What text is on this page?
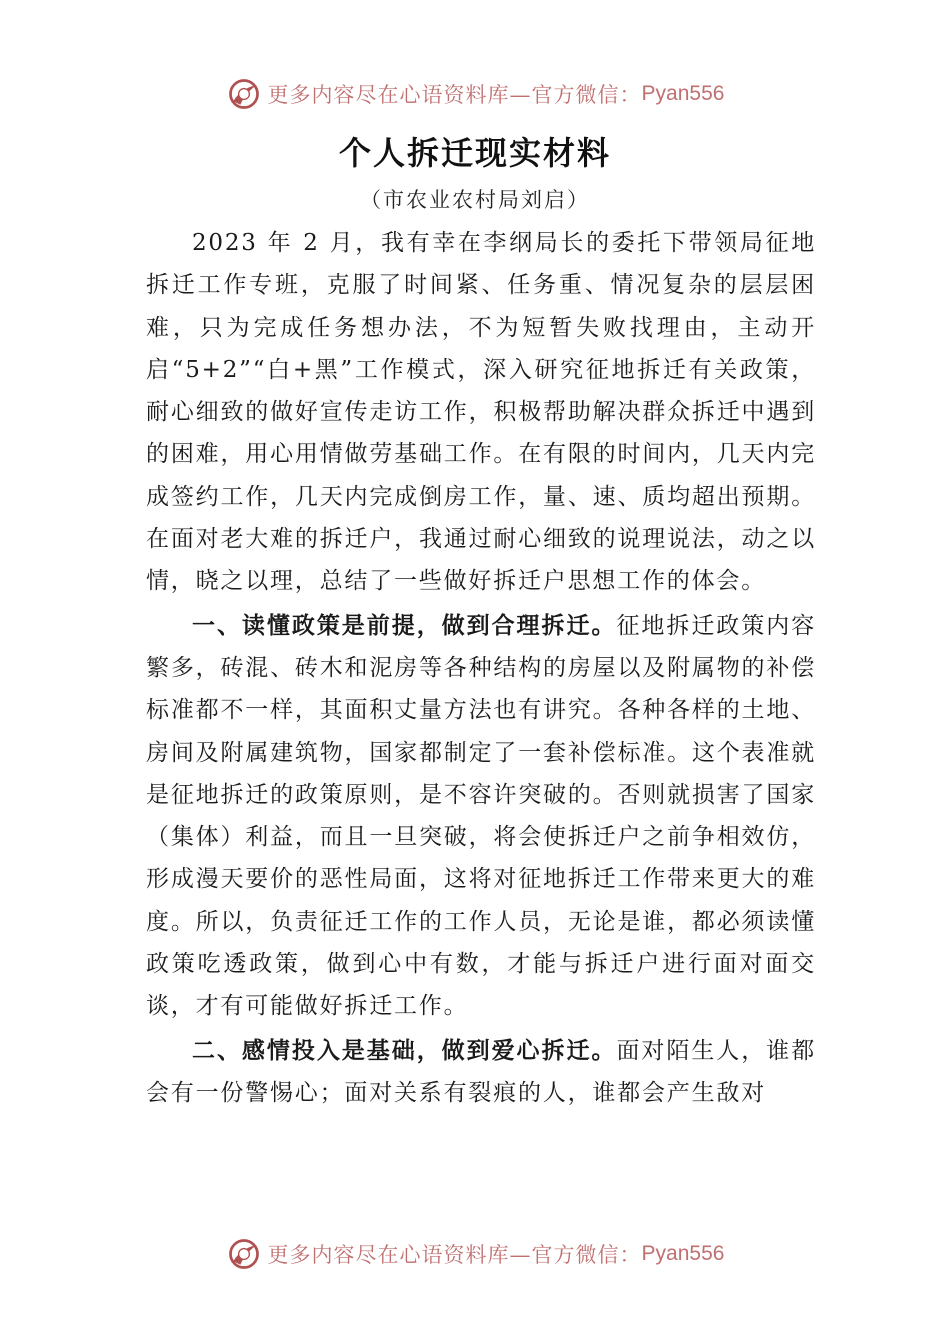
更多内容尽在心语资料库—官方微信： Pyan556
个人拆迁现实材料
（市农业农村局刘启）

2023 年 2 月，我有幸在李纲局长的委托下带领局征地拆迁工作专班，克服了时间紧、任务重、情况复杂的层层困难，只为完成任务想办法，不为短暂失败找理由，主动开启“5+2”“白+黑”工作模式，深入研究征地拆迁有关政策，耐心细致的做好宣传走访工作，积极帮助解决群众拆迁中遇到的困难，用心用情做劳基础工作。在有限的时间内，几天内完成签约工作，几天内完成倒房工作，量、速、质均超出预期。 在面对老大难的拆迁户，我通过耐心细致的说理说法，动之以情，晓之以理，总结了一些做好拆迁户思想工作的体会。

一、读懂政策是前提，做到合理拆迁。征地拆迁政策内容繁多，砖混、砖木和泥房等各种结构的房屋以及附属物的补偿标准都不一样，其面积丈量方法也有讲究。各种各样的土地、房间及附属建筑物，国家都制定了一套补偿标准。这个表准就是征地拆迁的政策原则，是不容许突破的。否则就损害了国家（集体）利益，而且一旦突破，将会使拆迁户之前争相效仿，形成漫天要价的恶性局面，这将对征地拆迁工作带来更大的难度。所以，负责征迁工作的工作人员，无论是谁，都必须读懂政策吃透政策，做到心中有数，才能与拆迁户进行面对面交谈，才有可能做好拆迁工作。

二、感情投入是基础，做到爱心拆迁。面对陌生人，谁都会有一份警惕心；面对关系有裂痕的人，谁都会产生敌对

更多内容尽在心语资料库—官方微信： Pyan556
